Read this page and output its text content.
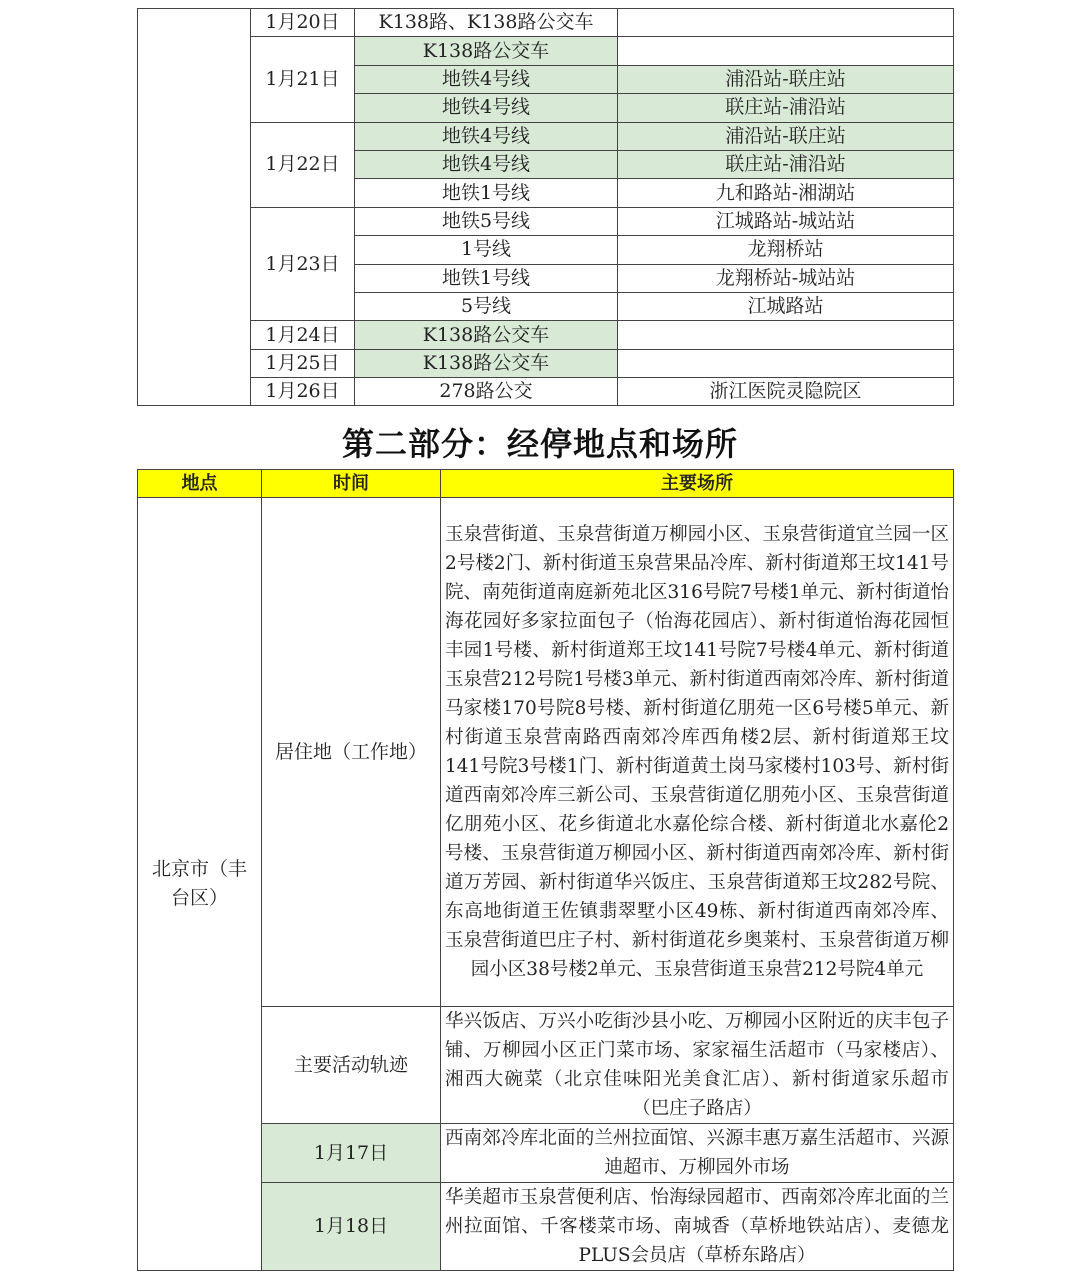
	1月20日	K138路、K138路公交车	
	1月21日	K138路公交车	
		地铁4号线	浦沿站-联庄站
		地铁4号线	联庄站-浦沿站
	1月22日	地铁4号线	浦沿站-联庄站
		地铁4号线	联庄站-浦沿站
		地铁1号线	九和路站-湘湖站
	1月23日	地铁5号线	江城路站-城站站
		1号线	龙翔桥站
		地铁1号线	龙翔桥站-城站站
		5号线	江城路站
	1月24日	K138路公交车	
	1月25日	K138路公交车	
	1月26日	278路公交	浙江医院灵隐院区
第二部分：经停地点和场所
地点	时间	主要场所
北京市（丰台区）	居住地（工作地）	玉泉营街道、玉泉营街道万柳园小区、玉泉营街道宜兰园一区2号楼2门、新村街道玉泉营果品冷库、新村街道郑王坟141号院、南苑街道南庭新苑北区316号院7号楼1单元、新村街道怡海花园好多家拉面包子（怡海花园店）、新村街道怡海花园恒丰园1号楼、新村街道郑王坟141号院7号楼4单元、新村街道玉泉营212号院1号楼3单元、新村街道西南郊冷库、新村街道马家楼170号院8号楼、新村街道亿朋苑一区6号楼5单元、新村街道玉泉营南路西南郊冷库西角楼2层、新村街道郑王坟141号院3号楼1门、新村街道黄土岗马家楼村103号、新村街道西南郊冷库三新公司、玉泉营街道亿朋苑小区、玉泉营街道亿朋苑小区、花乡街道北水嘉伦综合楼、新村街道北水嘉伦2号楼、玉泉营街道万柳园小区、新村街道西南郊冷库、新村街道万芳园、新村街道华兴饭庄、玉泉营街道郑王坟282号院、东高地街道王佐镇翡翠墅小区49栋、新村街道西南郊冷库、玉泉营街道巴庄子村、新村街道花乡奥莱村、玉泉营街道万柳园小区38号楼2单元、玉泉营街道玉泉营212号院4单元
	主要活动轨迹	华兴饭店、万兴小吃街沙县小吃、万柳园小区附近的庆丰包子铺、万柳园小区正门菜市场、家家福生活超市（马家楼店）、湘西大碗菜（北京佳味阳光美食汇店）、新村街道家乐超市（巴庄子路店）
	1月17日	西南郊冷库北面的兰州拉面馆、兴源丰惠万嘉生活超市、兴源迪超市、万柳园外市场
	1月18日	华美超市玉泉营便利店、怡海绿园超市、西南郊冷库北面的兰州拉面馆、千客楼菜市场、南城香（草桥地铁站店）、麦德龙PLUS会员店（草桥东路店）
